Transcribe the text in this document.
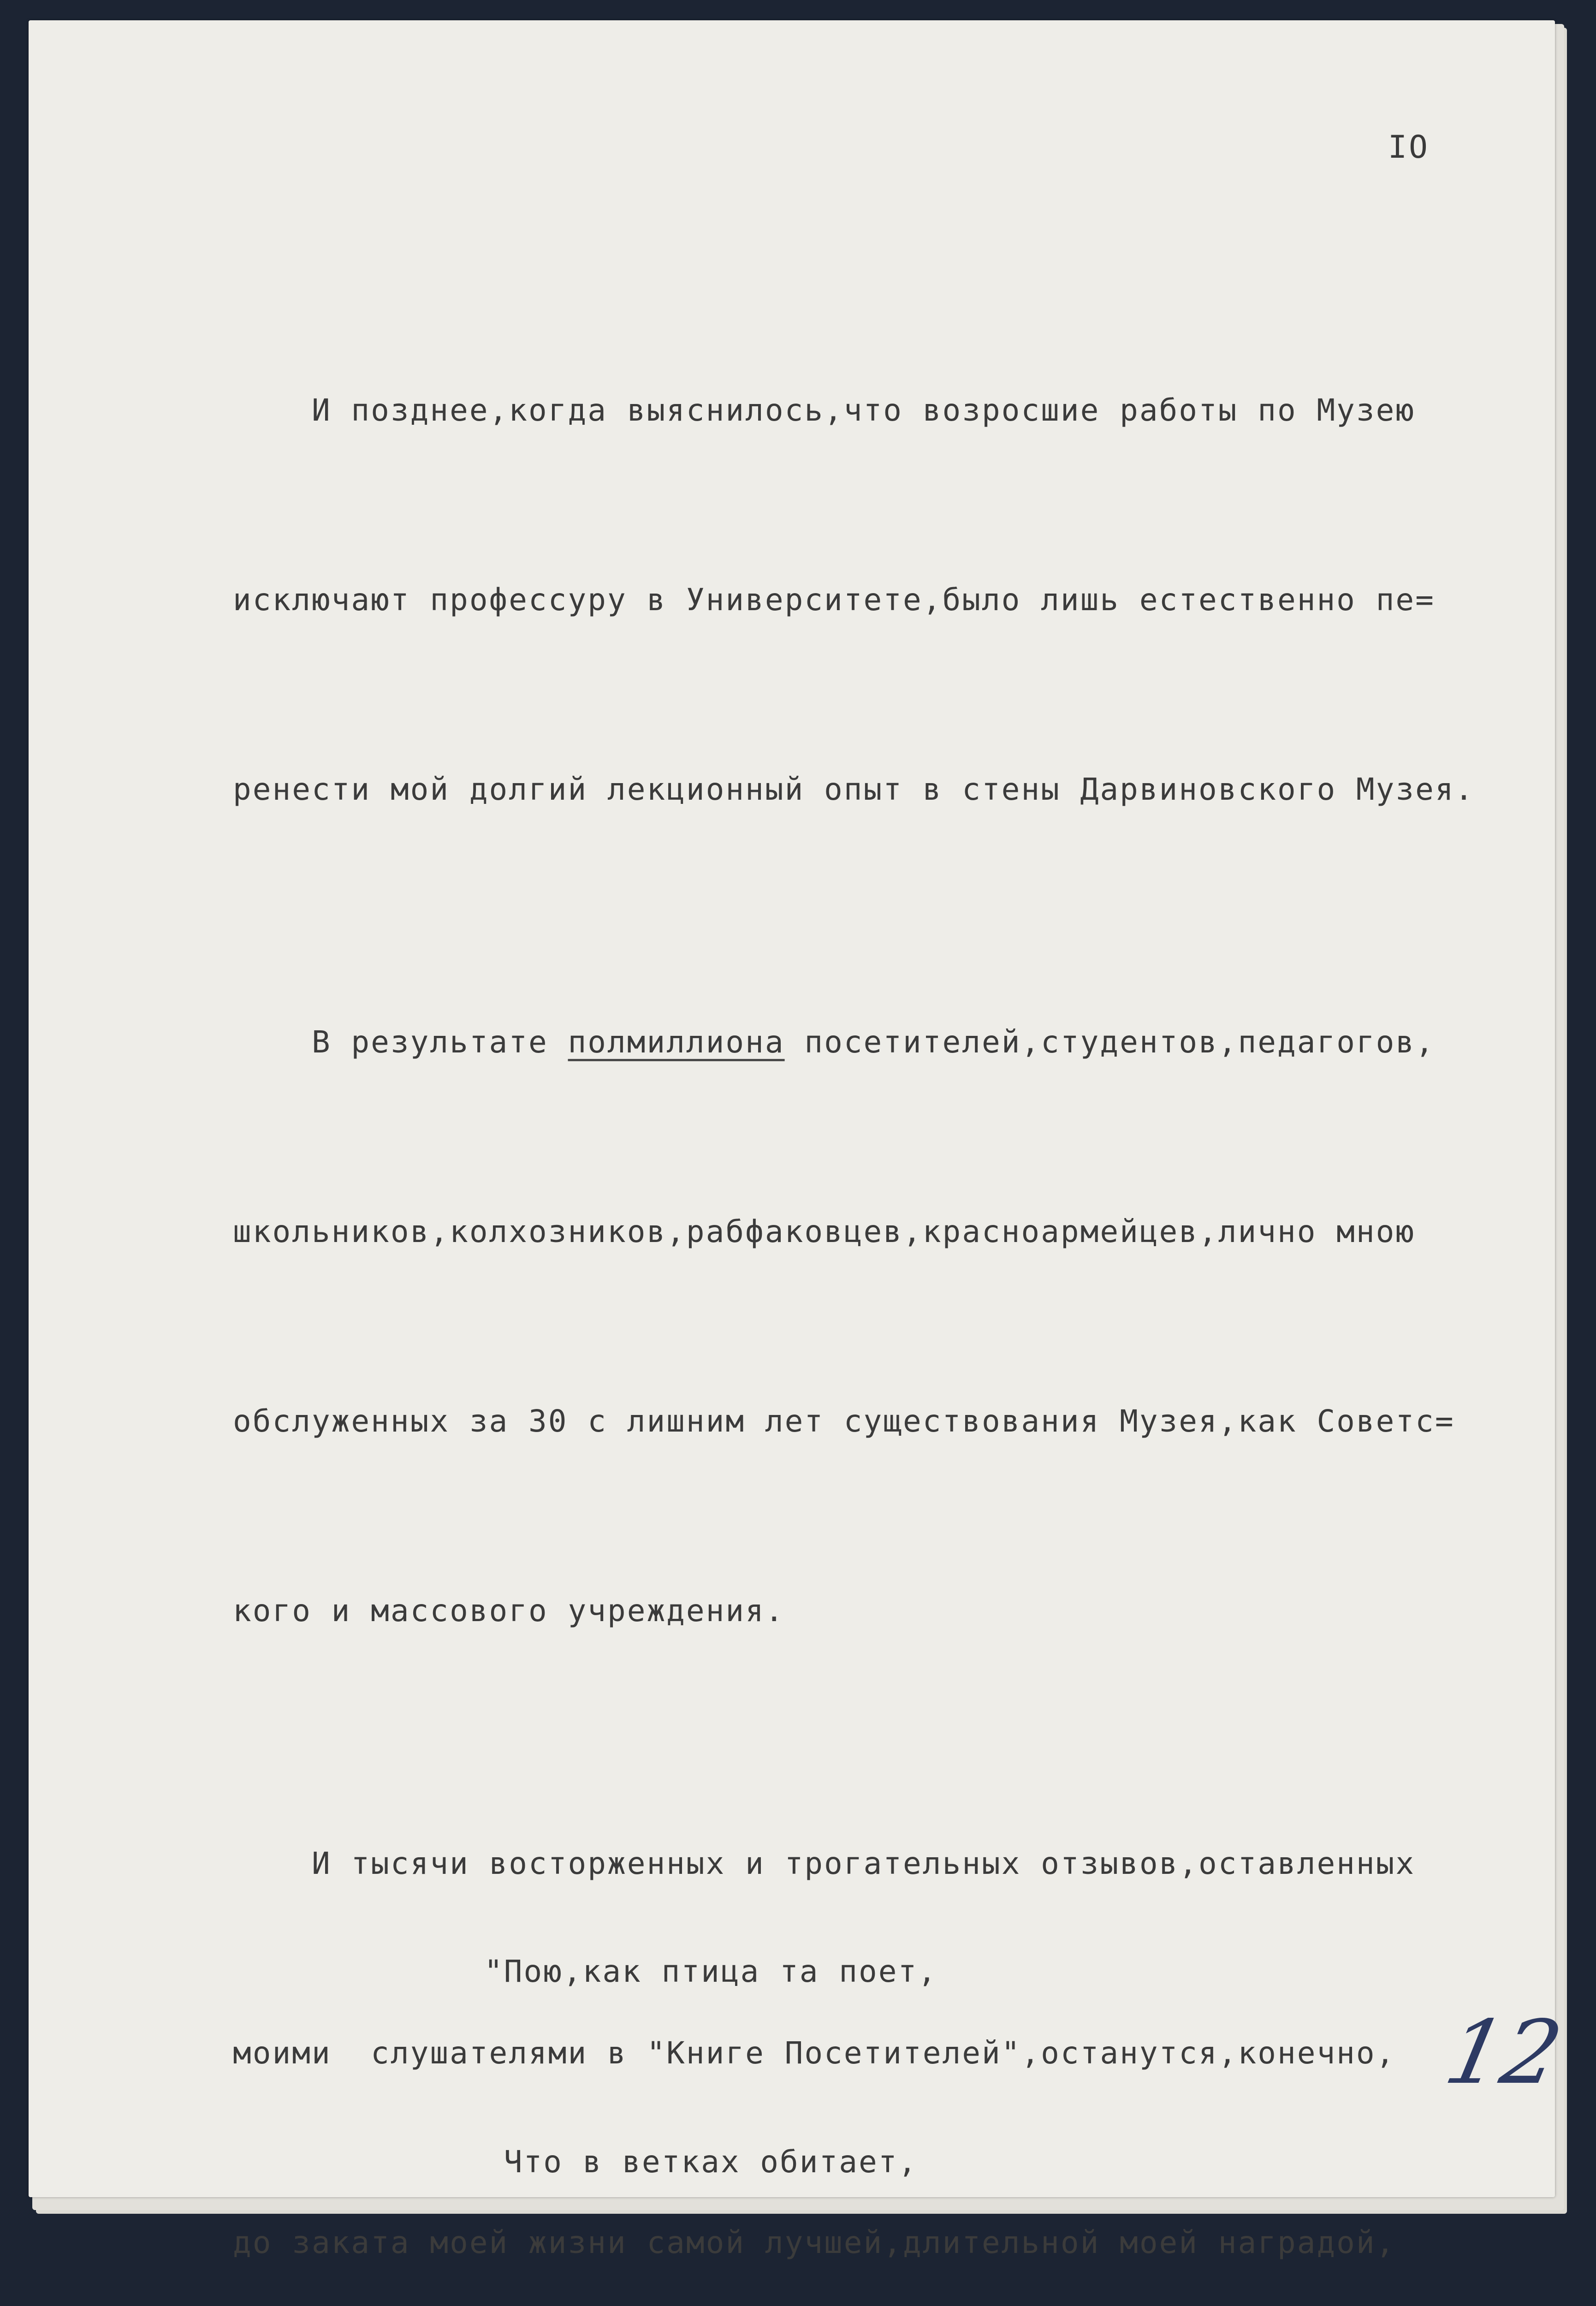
IO

И позднее,когда выяснилось,что возросшие работы по Музею

исключают профессуру в Университете,было лишь естественно пе=

ренести мой долгий лекционный опыт в стены Дарвиновского Музея.

В результате полмиллиона посетителей,студентов,педагогов,

школьников,колхозников,рабфаковцев,красноармейцев,лично мною

обслуженных за 30 с лишним лет существования Музея,как Советс=

кого и массового учреждения.

И тысячи восторженных и трогательных отзывов,оставленных

моими  слушателями в "Книге Посетителей",останутся,конечно,

до заката моей жизни самой лучшей,длительной моей наградой,

"Пою,как птица та поет,

Что в ветках обитает,

12
